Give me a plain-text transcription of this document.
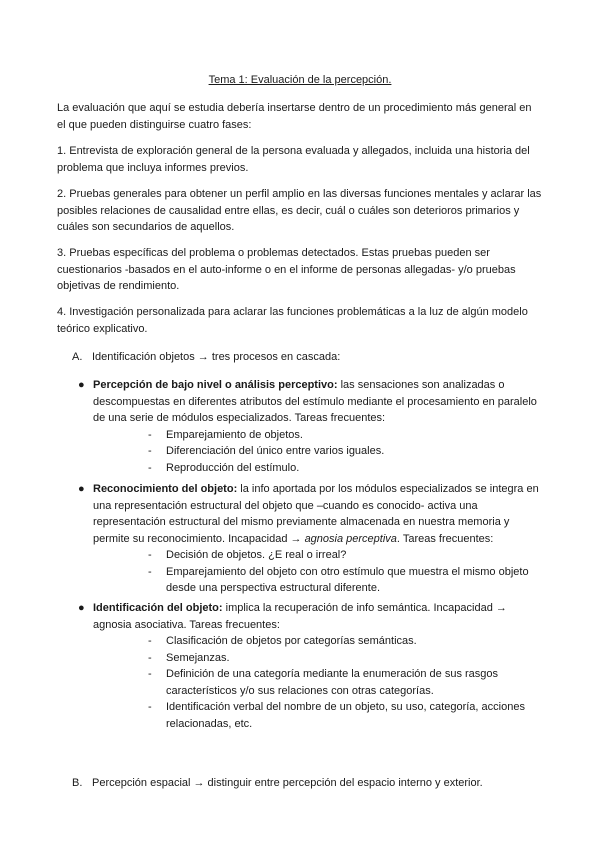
Tema 1: Evaluación de la percepción.

La evaluación que aquí se estudia debería insertarse dentro de un procedimiento más general en el que pueden distinguirse cuatro fases:

1. Entrevista de exploración general de la persona evaluada y allegados, incluida una historia del problema que incluya informes previos.

2. Pruebas generales para obtener un perfil amplio en las diversas funciones mentales y aclarar las posibles relaciones de causalidad entre ellas, es decir, cuál o cuáles son deterioros primarios y cuáles son secundarios de aquellos.

3. Pruebas específicas del problema o problemas detectados. Estas pruebas pueden ser cuestionarios -basados en el auto-informe o en el informe de personas allegadas- y/o pruebas objetivas de rendimiento.

4. Investigación personalizada para aclarar las funciones problemáticas a la luz de algún modelo teórico explicativo.

A. Identificación objetos → tres procesos en cascada:
● Percepción de bajo nivel o análisis perceptivo: las sensaciones son analizadas o descompuestas en diferentes atributos del estímulo mediante el procesamiento en paralelo de una serie de módulos especializados. Tareas frecuentes:
- Emparejamiento de objetos.
- Diferenciación del único entre varios iguales.
- Reproducción del estímulo.
● Reconocimiento del objeto: la info aportada por los módulos especializados se integra en una representación estructural del objeto que –cuando es conocido- activa una representación estructural del mismo previamente almacenada en nuestra memoria y permite su reconocimiento. Incapacidad → agnosia perceptiva. Tareas frecuentes:
- Decisión de objetos. ¿E real o irreal?
- Emparejamiento del objeto con otro estímulo que muestra el mismo objeto desde una perspectiva estructural diferente.
● Identificación del objeto: implica la recuperación de info semántica. Incapacidad → agnosia asociativa. Tareas frecuentes:
- Clasificación de objetos por categorías semánticas.
- Semejanzas.
- Definición de una categoría mediante la enumeración de sus rasgos característicos y/o sus relaciones con otras categorías.
- Identificación verbal del nombre de un objeto, su uso, categoría, acciones relacionadas, etc.
B. Percepción espacial → distinguir entre percepción del espacio interno y exterior.
